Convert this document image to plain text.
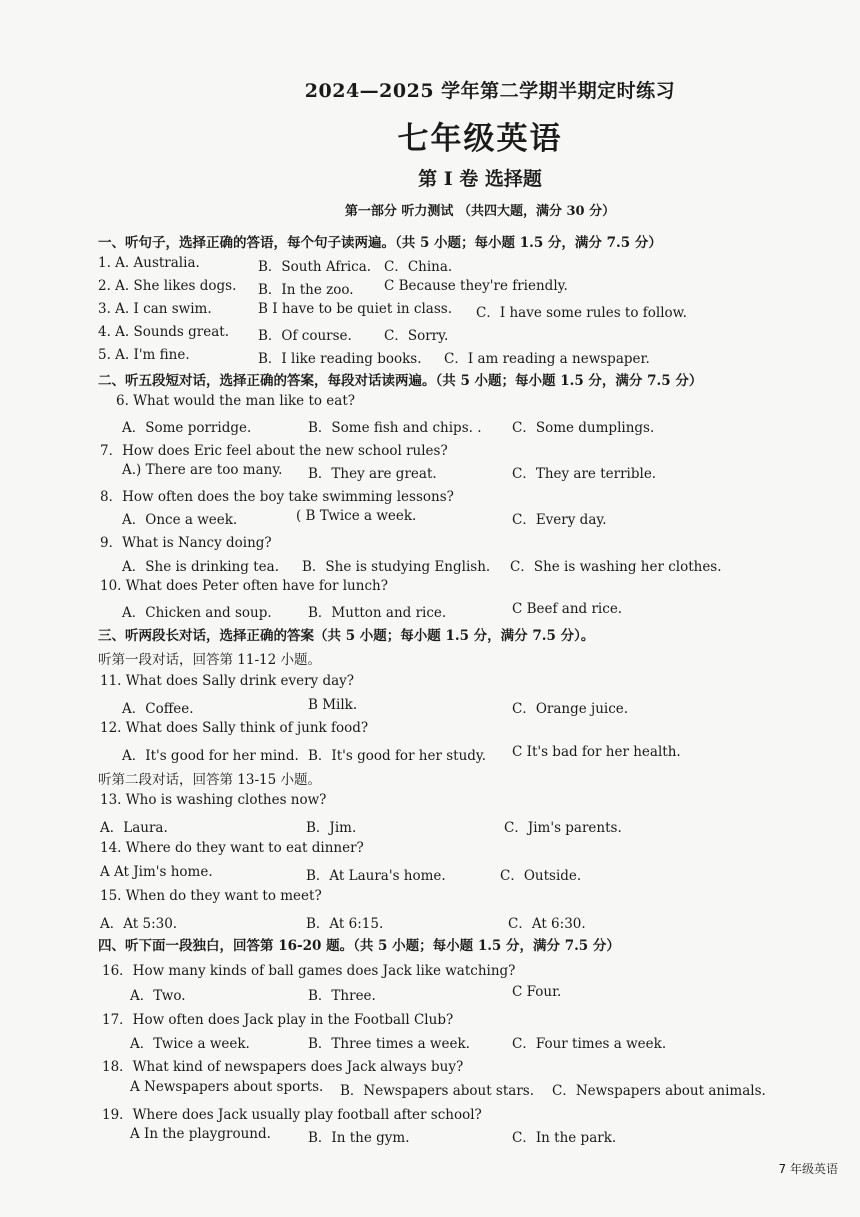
2024—2025 学年第二学期半期定时练习
七年级英语
第 I 卷 选择题
第一部分 听力测试 （共四大题，满分 30 分）
一、听句子，选择正确的答语，每个句子读两遍。（共 5 小题；每小题 1.5 分，满分 7.5 分）
1. A. Australia.	B．South Africa. C．China.
2. A. She likes dogs. B．In the zoo. C Because they're friendly.
3. A. I can swim.	B I have to be quiet in class. C．I have some rules to follow.
4. A. Sounds great. B．Of course. C．Sorry.
5. A. I'm fine.	B．I like reading books. C．I am reading a newspaper.
二、听五段短对话，选择正确的答案，每段对话读两遍。（共 5 小题；每小题 1.5 分，满分 7.5 分）
6. What would the man like to eat?
A．Some porridge.	B．Some fish and chips. . C．Some dumplings.
7．How does Eric feel about the new school rules?
A.) There are too many. B．They are great.	C．They are terrible.
8．How often does the boy take swimming lessons?
A．Once a week.	( B Twice a week.	C．Every day.
9．What is Nancy doing?
A．She is drinking tea. B．She is studying English. C．She is washing her clothes.
10. What does Peter often have for lunch?
A．Chicken and soup.	B．Mutton and rice.	C Beef and rice.
三、听两段长对话，选择正确的答案（共 5 小题；每小题 1.5 分，满分 7.5 分）。
听第一段对话，回答第 11-12 小题。
11. What does Sally drink every day?
A．Coffee.	B Milk.	C．Orange juice.
12. What does Sally think of junk food?
A．It's good for her mind. B．It's good for her study. C It's bad for her health.
听第二段对话，回答第 13-15 小题。
13. Who is washing clothes now?
A．Laura.	B．Jim.	C．Jim's parents.
14. Where do they want to eat dinner?
A At Jim's home.	B．At Laura's home.	C．Outside.
15. When do they want to meet?
A．At 5:30.	B．At 6:15.	C．At 6:30.
四、听下面一段独白，回答第 16-20 题。（共 5 小题；每小题 1.5 分，满分 7.5 分）
16．How many kinds of ball games does Jack like watching?
A．Two.	B．Three.	C Four.
17．How often does Jack play in the Football Club?
A．Twice a week.	B．Three times a week.	C．Four times a week.
18．What kind of newspapers does Jack always buy?
A Newspapers about sports. B．Newspapers about stars. C．Newspapers about animals.
19．Where does Jack usually play football after school?
A In the playground.	B．In the gym.	C．In the park.
7 年级英语
